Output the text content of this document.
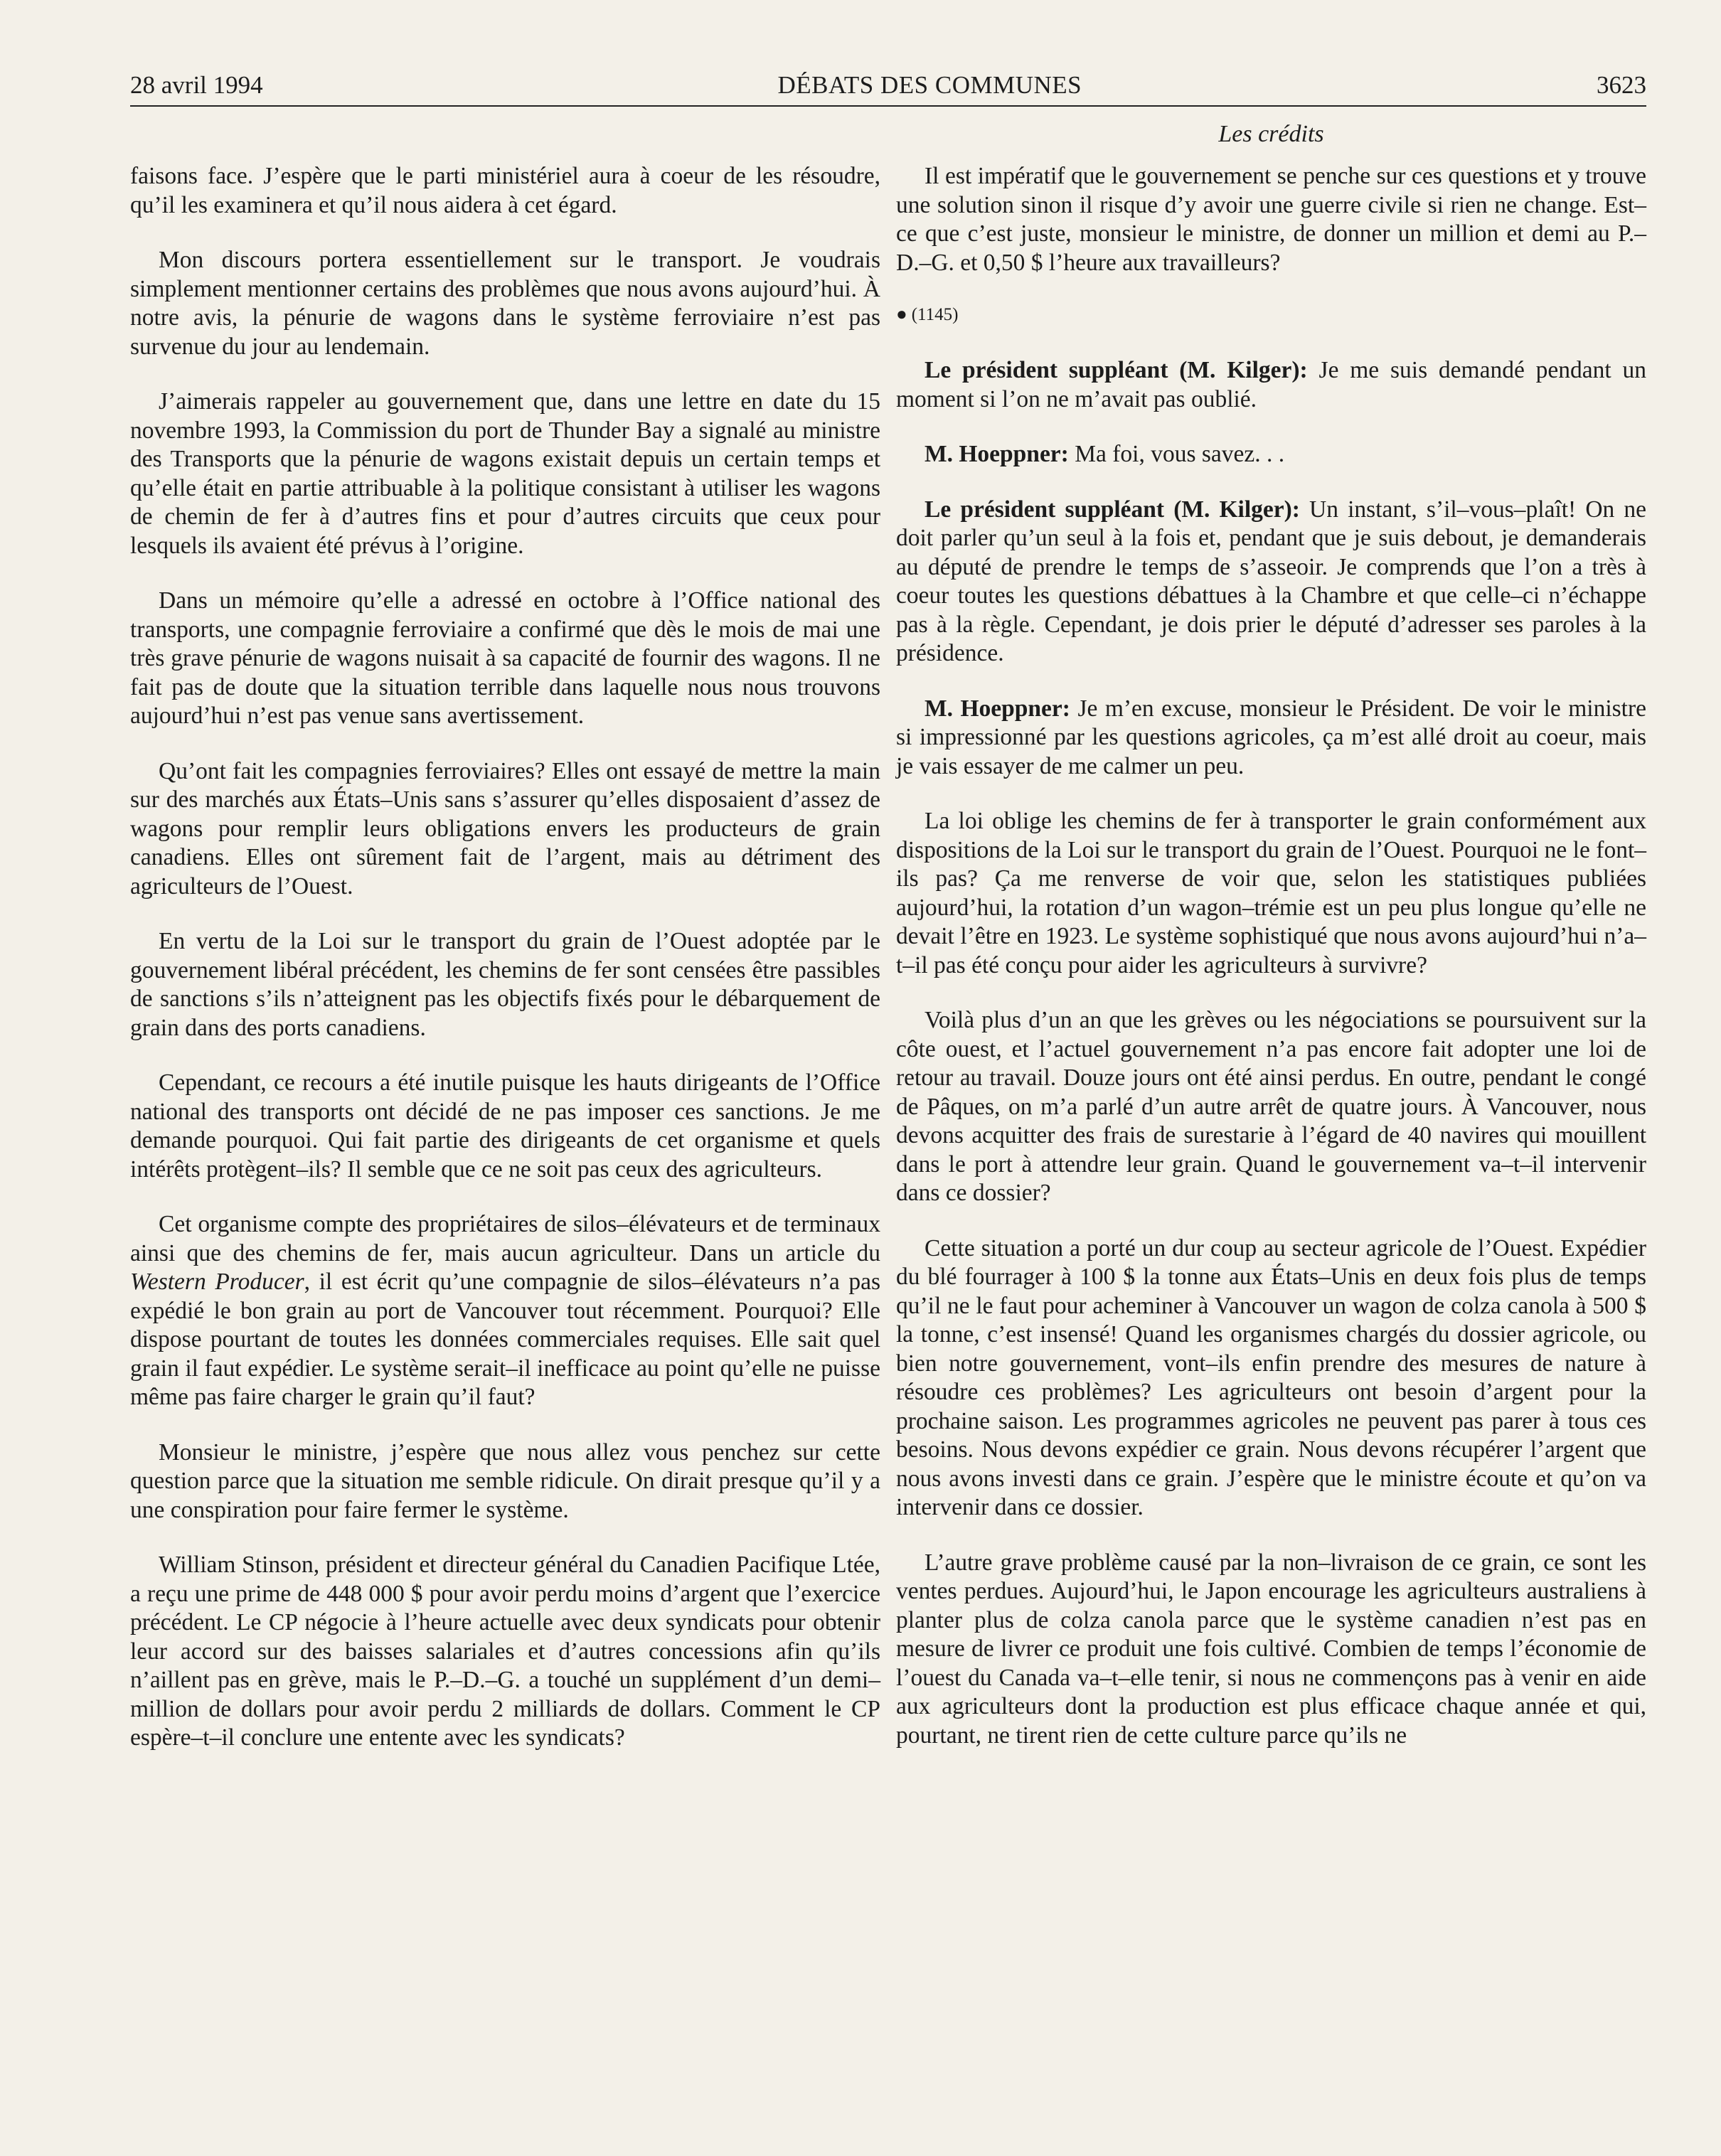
28 avril 1994	DÉBATS DES COMMUNES	3623
Les crédits

faisons face. J’espère que le parti ministériel aura à coeur de les résoudre, qu’il les examinera et qu’il nous aidera à cet égard.

Mon discours portera essentiellement sur le transport. Je voudrais simplement mentionner certains des problèmes que nous avons aujourd’hui. À notre avis, la pénurie de wagons dans le système ferroviaire n’est pas survenue du jour au lendemain.

J’aimerais rappeler au gouvernement que, dans une lettre en date du 15 novembre 1993, la Commission du port de Thunder Bay a signalé au ministre des Transports que la pénurie de wagons existait depuis un certain temps et qu’elle était en partie attribuable à la politique consistant à utiliser les wagons de chemin de fer à d’autres fins et pour d’autres circuits que ceux pour lesquels ils avaient été prévus à l’origine.

Dans un mémoire qu’elle a adressé en octobre à l’Office national des transports, une compagnie ferroviaire a confirmé que dès le mois de mai une très grave pénurie de wagons nuisait à sa capacité de fournir des wagons. Il ne fait pas de doute que la situation terrible dans laquelle nous nous trouvons aujourd’hui n’est pas venue sans avertissement.

Qu’ont fait les compagnies ferroviaires? Elles ont essayé de mettre la main sur des marchés aux États–Unis sans s’assurer qu’elles disposaient d’assez de wagons pour remplir leurs obligations envers les producteurs de grain canadiens. Elles ont sûrement fait de l’argent, mais au détriment des agriculteurs de l’Ouest.

En vertu de la Loi sur le transport du grain de l’Ouest adoptée par le gouvernement libéral précédent, les chemins de fer sont censées être passibles de sanctions s’ils n’atteignent pas les objectifs fixés pour le débarquement de grain dans des ports canadiens.

Cependant, ce recours a été inutile puisque les hauts dirigeants de l’Office national des transports ont décidé de ne pas imposer ces sanctions. Je me demande pourquoi. Qui fait partie des dirigeants de cet organisme et quels intérêts protègent–ils? Il semble que ce ne soit pas ceux des agriculteurs.

Cet organisme compte des propriétaires de silos–élévateurs et de terminaux ainsi que des chemins de fer, mais aucun agriculteur. Dans un article du Western Producer, il est écrit qu’une compagnie de silos–élévateurs n’a pas expédié le bon grain au port de Vancouver tout récemment. Pourquoi? Elle dispose pourtant de toutes les données commerciales requises. Elle sait quel grain il faut expédier. Le système serait–il inefficace au point qu’elle ne puisse même pas faire charger le grain qu’il faut?

Monsieur le ministre, j’espère que nous allez vous penchez sur cette question parce que la situation me semble ridicule. On dirait presque qu’il y a une conspiration pour faire fermer le système.

William Stinson, président et directeur général du Canadien Pacifique Ltée, a reçu une prime de 448 000 $ pour avoir perdu moins d’argent que l’exercice précédent. Le CP négocie à l’heure actuelle avec deux syndicats pour obtenir leur accord sur des baisses salariales et d’autres concessions afin qu’ils n’aillent pas en grève, mais le P.–D.–G. a touché un supplément d’un demi–million de dollars pour avoir perdu 2 milliards de dollars. Comment le CP espère–t–il conclure une entente avec les syndicats?

Il est impératif que le gouvernement se penche sur ces questions et y trouve une solution sinon il risque d’y avoir une guerre civile si rien ne change. Est–ce que c’est juste, monsieur le ministre, de donner un million et demi au P.–D.–G. et 0,50 $ l’heure aux travailleurs?

● (1145)

Le président suppléant (M. Kilger): Je me suis demandé pendant un moment si l’on ne m’avait pas oublié.

M. Hoeppner: Ma foi, vous savez. . .

Le président suppléant (M. Kilger): Un instant, s’il–vous–plaît! On ne doit parler qu’un seul à la fois et, pendant que je suis debout, je demanderais au député de prendre le temps de s’asseoir. Je comprends que l’on a très à coeur toutes les questions débattues à la Chambre et que celle–ci n’échappe pas à la règle. Cependant, je dois prier le député d’adresser ses paroles à la présidence.

M. Hoeppner: Je m’en excuse, monsieur le Président. De voir le ministre si impressionné par les questions agricoles, ça m’est allé droit au coeur, mais je vais essayer de me calmer un peu.

La loi oblige les chemins de fer à transporter le grain conformément aux dispositions de la Loi sur le transport du grain de l’Ouest. Pourquoi ne le font–ils pas? Ça me renverse de voir que, selon les statistiques publiées aujourd’hui, la rotation d’un wagon–trémie est un peu plus longue qu’elle ne devait l’être en 1923. Le système sophistiqué que nous avons aujourd’hui n’a–t–il pas été conçu pour aider les agriculteurs à survivre?

Voilà plus d’un an que les grèves ou les négociations se poursuivent sur la côte ouest, et l’actuel gouvernement n’a pas encore fait adopter une loi de retour au travail. Douze jours ont été ainsi perdus. En outre, pendant le congé de Pâques, on m’a parlé d’un autre arrêt de quatre jours. À Vancouver, nous devons acquitter des frais de surestarie à l’égard de 40 navires qui mouillent dans le port à attendre leur grain. Quand le gouvernement va–t–il intervenir dans ce dossier?

Cette situation a porté un dur coup au secteur agricole de l’Ouest. Expédier du blé fourrager à 100 $ la tonne aux États–Unis en deux fois plus de temps qu’il ne le faut pour acheminer à Vancouver un wagon de colza canola à 500 $ la tonne, c’est insensé! Quand les organismes chargés du dossier agricole, ou bien notre gouvernement, vont–ils enfin prendre des mesures de nature à résoudre ces problèmes? Les agriculteurs ont besoin d’argent pour la prochaine saison. Les programmes agricoles ne peuvent pas parer à tous ces besoins. Nous devons expédier ce grain. Nous devons récupérer l’argent que nous avons investi dans ce grain. J’espère que le ministre écoute et qu’on va intervenir dans ce dossier.

L’autre grave problème causé par la non–livraison de ce grain, ce sont les ventes perdues. Aujourd’hui, le Japon encourage les agriculteurs australiens à planter plus de colza canola parce que le système canadien n’est pas en mesure de livrer ce produit une fois cultivé. Combien de temps l’économie de l’ouest du Canada va–t–elle tenir, si nous ne commençons pas à venir en aide aux agriculteurs dont la production est plus efficace chaque année et qui, pourtant, ne tirent rien de cette culture parce qu’ils ne
